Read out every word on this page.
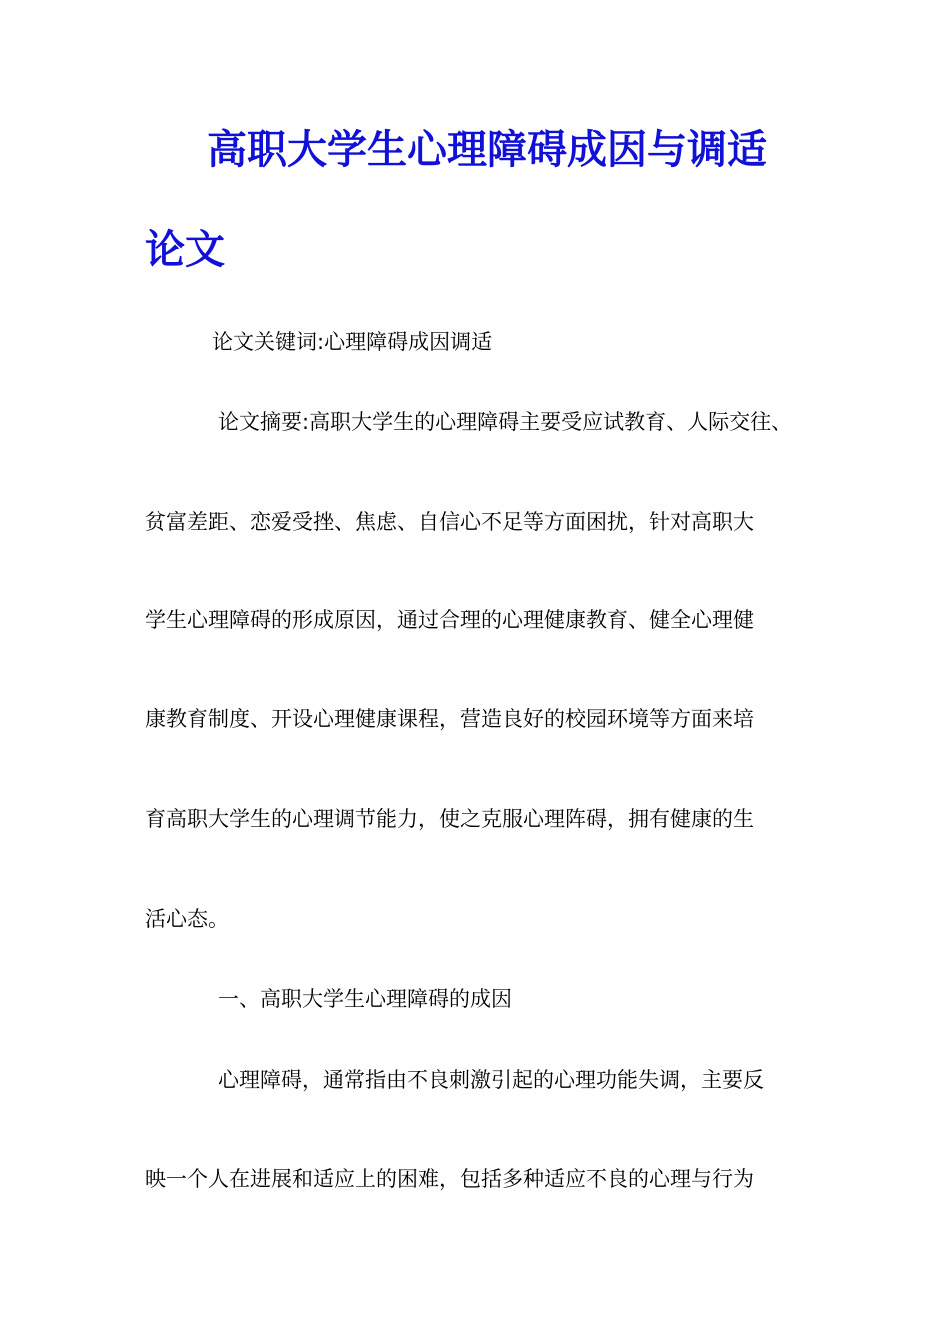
高职大学生心理障碍成因与调适
论文

论文关键词:心理障碍成因调适

论文摘要:高职大学生的心理障碍主要受应试教育、人际交往、

贫富差距、恋爱受挫、焦虑、自信心不足等方面困扰，针对高职大

学生心理障碍的形成原因，通过合理的心理健康教育、健全心理健

康教育制度、开设心理健康课程，营造良好的校园环境等方面来培

育高职大学生的心理调节能力，使之克服心理阵碍，拥有健康的生

活心态。

一、高职大学生心理障碍的成因

心理障碍，通常指由不良刺激引起的心理功能失调，主要反

映一个人在进展和适应上的困难，包括多种适应不良的心理与行为
